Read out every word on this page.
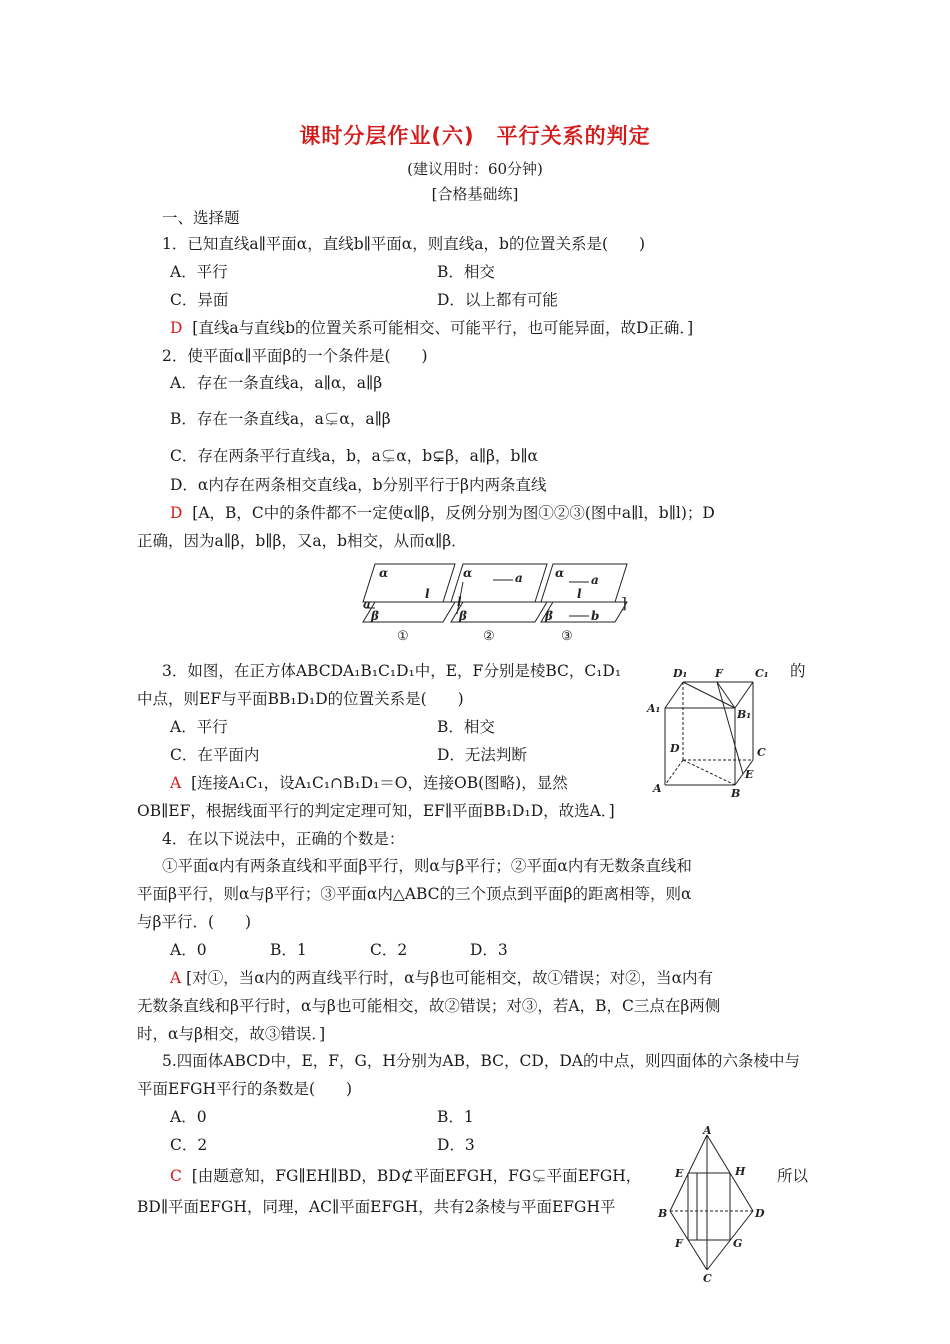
课时分层作业(六)　平行关系的判定
(建议用时：60分钟)
[合格基础练]
一、选择题
1．已知直线a∥平面α，直线b∥平面α，则直线a，b的位置关系是(　　)
A．平行	B．相交
C．异面	D．以上都有可能
D [直线a与直线b的位置关系可能相交、可能平行，也可能异面，故D正确．]
2．使平面α∥平面β的一个条件是(　　)
A．存在一条直线a，a∥α，a∥β
B．存在一条直线a，a⊊α，a∥β
C．存在两条平行直线a，b，a⊊α，b⊊β，a∥β，b∥α
D．α内存在两条相交直线a，b分别平行于β内两条直线
D [A，B，C中的条件都不一定使α∥β，反例分别为图①②③(图中a∥l，b∥l)；D
正确，因为a∥β，b∥β，又a，b相交，从而α∥β．
α
l
a
β
α	a
l
β
α a
l
β	b
①	②	③
]
3．如图，在正方体ABCDA₁B₁C₁D₁中，E，F分别是棱BC，C₁D₁	的
中点，则EF与平面BB₁D₁D的位置关系是(　　)
A．平行	B．相交
C．在平面内	D．无法判断
A [连接A₁C₁，设A₁C₁∩B₁D₁＝O，连接OB(图略)，显然
OB∥EF，根据线面平行的判定定理可知，EF∥平面BB₁D₁D，故选A．]
D₁	F	C₁
A₁	B₁
D	C
E
A	B
4．在以下说法中，正确的个数是：
①平面α内有两条直线和平面β平行，则α与β平行；②平面α内有无数条直线和
平面β平行，则α与β平行；③平面α内△ABC的三个顶点到平面β的距离相等，则α
与β平行．(　　)
A．0	B．1	C．2	D．3
A [对①，当α内的两直线平行时，α与β也可能相交，故①错误；对②，当α内有
无数条直线和β平行时，α与β也可能相交，故②错误；对③，若A，B，C三点在β两侧
时，α与β相交，故③错误．]
5.四面体ABCD中，E，F，G，H分别为AB，BC，CD，DA的中点，则四面体的六条棱中与
平面EFGH平行的条数是(　　)
A．0	B．1
C．2	D．3
C [由题意知，FG∥EH∥BD，BD⊄平面EFGH，FG⊊平面EFGH，	所以
BD∥平面EFGH，同理，AC∥平面EFGH，共有2条棱与平面EFGH平
A
E	H
B	D
F	G
C
